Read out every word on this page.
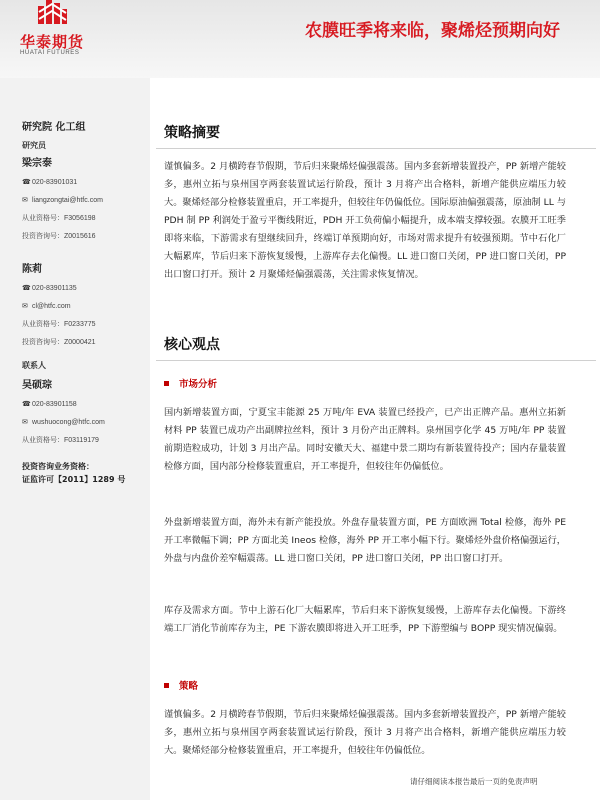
华泰期货
HUATAI FUTURES
农膜旺季将来临，聚烯烃预期向好
研究院 化工组
研究员
梁宗泰
☎020-83901031
✉ liangzongtai@htfc.com
从业资格号：F3056198
投资咨询号：Z0015616
陈莉
☎020-83901135
✉ cl@htfc.com
从业资格号：F0233775
投资咨询号：Z0000421
联系人
吴硕琮
☎020-83901158
✉ wushuocong@htfc.com
从业资格号：F03119179
投资咨询业务资格：
证监许可【2011】1289 号
策略摘要
谨慎偏多。2 月横跨春节假期，节后归来聚烯烃偏强震荡。国内多套新增装置投产，PP 新增产能较多，惠州立拓与泉州国亨两套装置试运行阶段，预计 3 月将产出合格料，新增产能供应端压力较大。聚烯烃部分检修装置重启，开工率提升，但较往年仍偏低位。国际原油偏强震荡，原油制 LL 与 PDH 制 PP 利润处于盈亏平衡线附近，PDH 开工负荷偏小幅提升，成本端支撑较强。农膜开工旺季即将来临，下游需求有望继续回升，终端订单预期向好，市场对需求提升有较强预期。节中石化厂大幅累库，节后归来下游恢复缓慢，上游库存去化偏慢。LL 进口窗口关闭，PP 进口窗口关闭，PP 出口窗口打开。预计 2 月聚烯烃偏强震荡，关注需求恢复情况。
核心观点
市场分析
国内新增装置方面，宁夏宝丰能源 25 万吨/年 EVA 装置已经投产，已产出正牌产品。惠州立拓新材料 PP 装置已成功产出副牌拉丝料，预计 3 月份产出正牌料。泉州国亨化学 45 万吨/年 PP 装置前期造粒成功，计划 3 月出产品。同时安徽天大、福建中景二期均有新装置待投产；国内存量装置检修方面，国内部分检修装置重启，开工率提升，但较往年仍偏低位。
外盘新增装置方面，海外未有新产能投放。外盘存量装置方面，PE 方面欧洲 Total 检修，海外 PE 开工率微幅下调；PP 方面北美 Ineos 检修，海外 PP 开工率小幅下行。聚烯烃外盘价格偏强运行，外盘与内盘价差窄幅震荡。LL 进口窗口关闭，PP 进口窗口关闭，PP 出口窗口打开。
库存及需求方面。节中上游石化厂大幅累库，节后归来下游恢复缓慢，上游库存去化偏慢。下游终端工厂消化节前库存为主，PE 下游农膜即将进入开工旺季，PP 下游塑编与 BOPP 现实情况偏弱。
策略
谨慎偏多。2 月横跨春节假期，节后归来聚烯烃偏强震荡。国内多套新增装置投产，PP 新增产能较多，惠州立拓与泉州国亨两套装置试运行阶段，预计 3 月将产出合格料，新增产能供应端压力较大。聚烯烃部分检修装置重启，开工率提升，但较往年仍偏低位。
请仔细阅读本报告最后一页的免责声明
